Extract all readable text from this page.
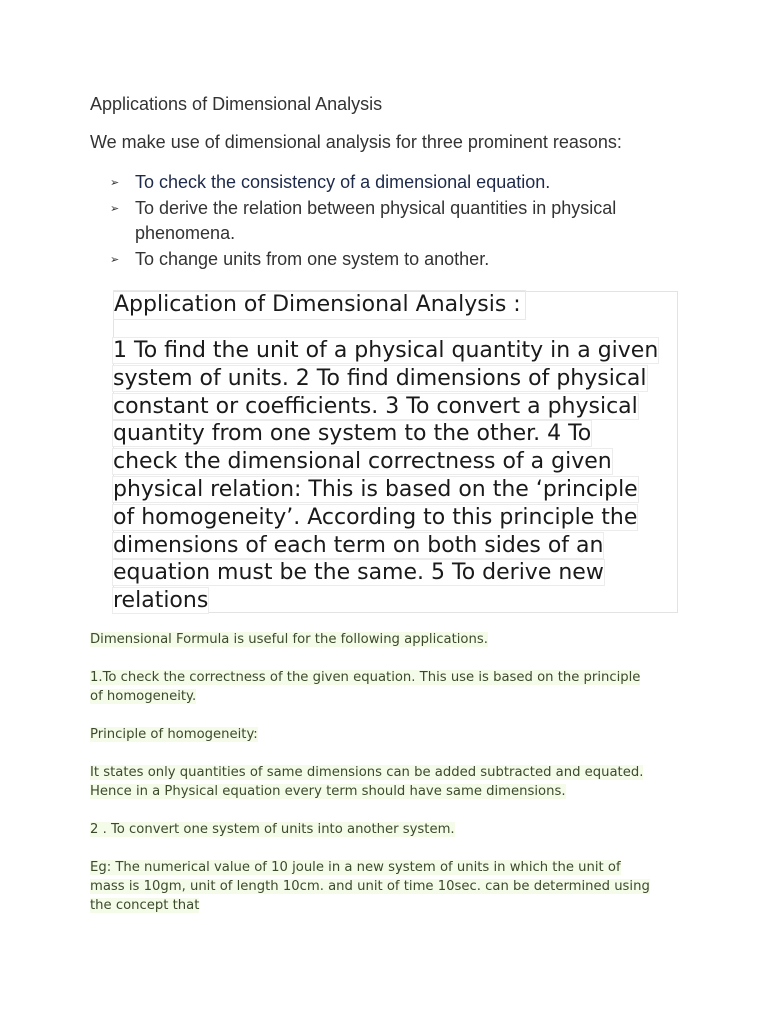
Applications of Dimensional Analysis
We make use of dimensional analysis for three prominent reasons:
➢ To check the consistency of a dimensional equation.
➢ To derive the relation between physical quantities in physical phenomena.
➢ To change units from one system to another.
Application of Dimensional Analysis :
1 To find the unit of a physical quantity in a given
system of units. 2 To find dimensions of physical
constant or coefficients. 3 To convert a physical
quantity from one system to the other. 4 To
check the dimensional correctness of a given
physical relation: This is based on the ‘principle
of homogeneity’. According to this principle the
dimensions of each term on both sides of an
equation must be the same. 5 To derive new
relations

Dimensional Formula is useful for the following applications.

1.To check the correctness of the given equation. This use is based on the principle
of homogeneity.

Principle of homogeneity:

It states only quantities of same dimensions can be added subtracted and equated.
Hence in a Physical equation every term should have same dimensions.

2 . To convert one system of units into another system.

Eg: The numerical value of 10 joule in a new system of units in which the unit of
mass is 10gm, unit of length 10cm. and unit of time 10sec. can be determined using
the concept that
